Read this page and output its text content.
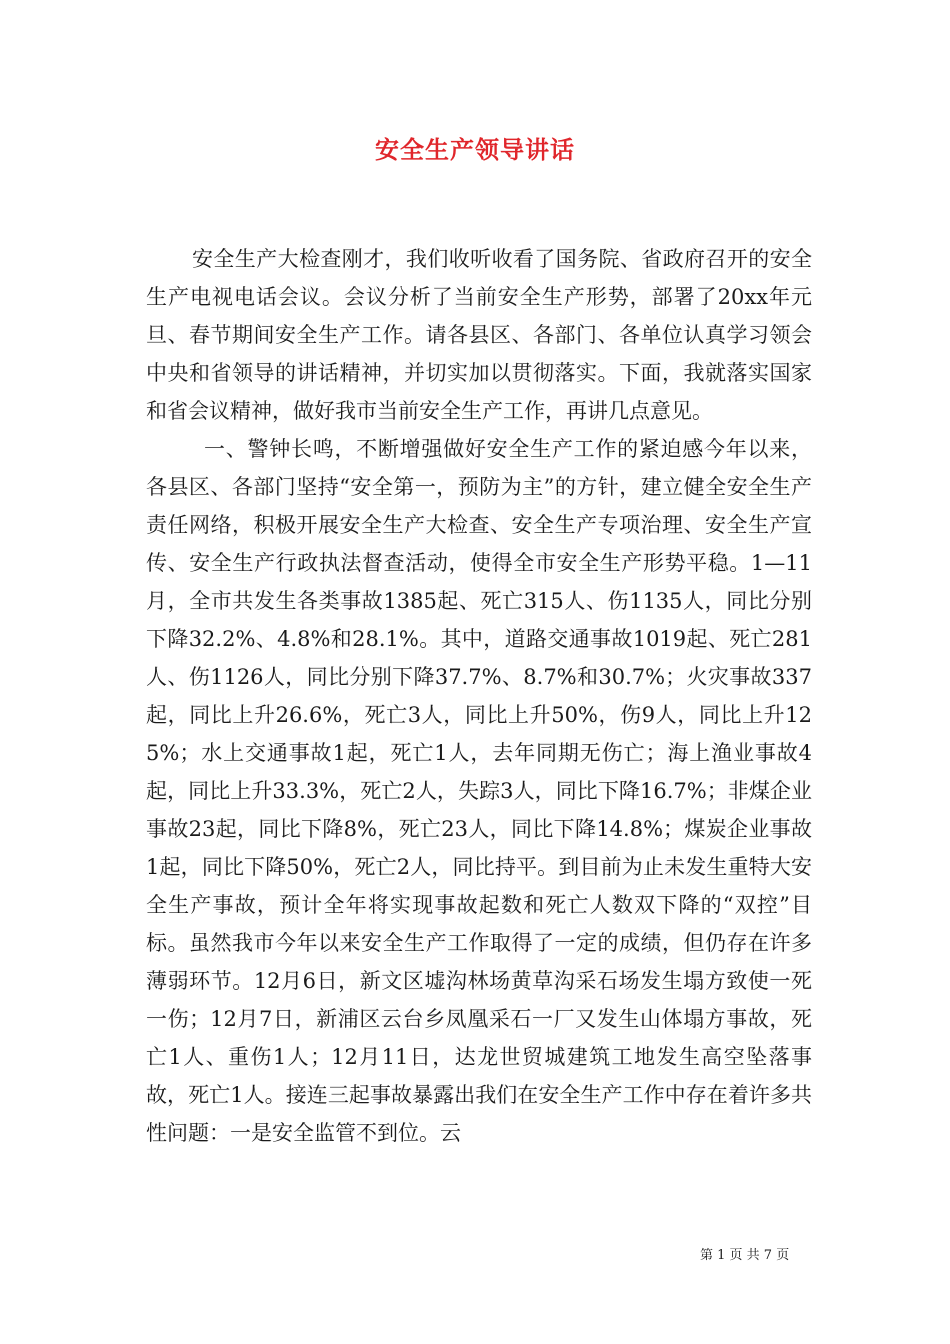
安全生产领导讲话

安全生产大检查刚才，我们收听收看了国务院、省政府召开的安全生产电视电话会议。会议分析了当前安全生产形势，部署了20xx年元旦、春节期间安全生产工作。请各县区、各部门、各单位认真学习领会中央和省领导的讲话精神，并切实加以贯彻落实。下面，我就落实国家和省会议精神，做好我市当前安全生产工作，再讲几点意见。

一、警钟长鸣，不断增强做好安全生产工作的紧迫感今年以来，各县区、各部门坚持“安全第一，预防为主”的方针，建立健全安全生产责任网络，积极开展安全生产大检查、安全生产专项治理、安全生产宣传、安全生产行政执法督查活动，使得全市安全生产形势平稳。1—11月，全市共发生各类事故1385起、死亡315人、伤1135人，同比分别下降32.2%、4.8%和28.1%。其中，道路交通事故1019起、死亡281人、伤1126人，同比分别下降37.7%、8.7%和30.7%；火灾事故337起，同比上升26.6%，死亡3人，同比上升50%，伤9人，同比上升125%；水上交通事故1起，死亡1人，去年同期无伤亡；海上渔业事故4起，同比上升33.3%，死亡2人，失踪3人，同比下降16.7%；非煤企业事故23起，同比下降8%，死亡23人，同比下降14.8%；煤炭企业事故1起，同比下降50%，死亡2人，同比持平。到目前为止未发生重特大安全生产事故，预计全年将实现事故起数和死亡人数双下降的“双控”目标。虽然我市今年以来安全生产工作取得了一定的成绩，但仍存在许多薄弱环节。12月6日，新文区墟沟林场黄草沟采石场发生塌方致使一死一伤；12月7日，新浦区云台乡凤凰采石一厂又发生山体塌方事故，死亡1人、重伤1人；12月11日，达龙世贸城建筑工地发生高空坠落事故，死亡1人。接连三起事故暴露出我们在安全生产工作中存在着许多共性问题：一是安全监管不到位。云

第 1 页 共 7 页
